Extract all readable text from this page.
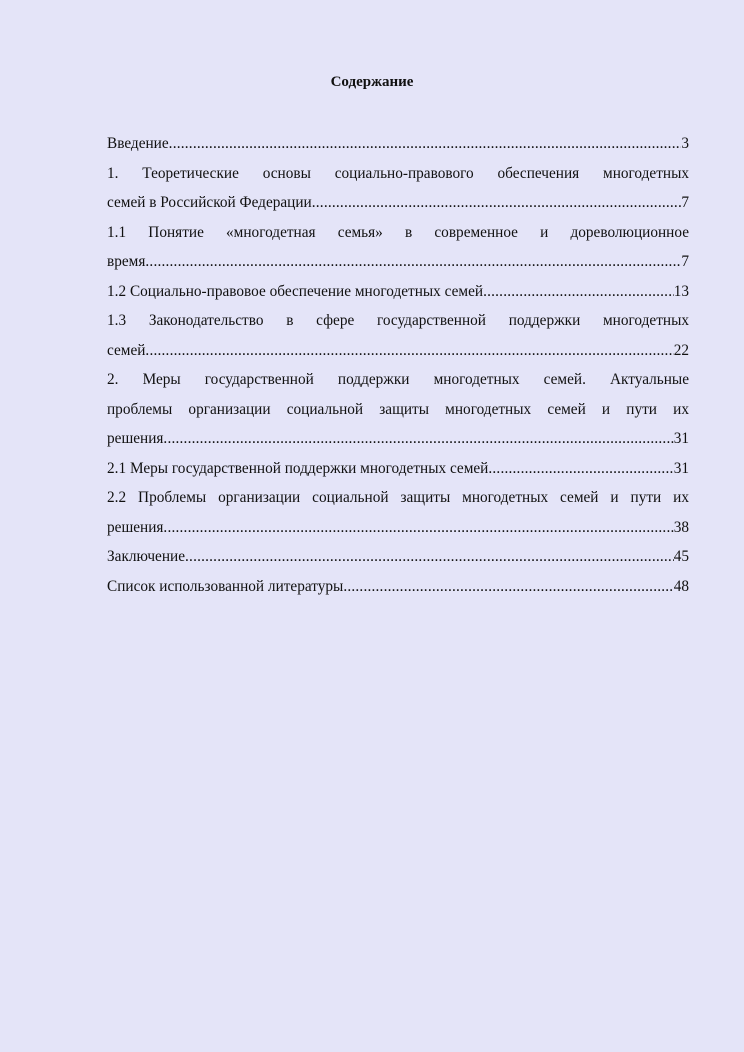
Содержание
Введение .....	3
1. Теоретические основы социально-правового обеспечения многодетных
семей в Российской Федерации .....	7
1.1 Понятие «многодетная семья» в современное и дореволюционное
время .....	7
1.2 Социально-правовое обеспечение многодетных семей .....	13
1.3 Законодательство в сфере государственной поддержки многодетных
семей .....	22
2. Меры государственной поддержки многодетных семей. Актуальные
проблемы организации социальной защиты многодетных семей и пути их
решения .....	31
2.1 Меры государственной поддержки многодетных семей .....	31
2.2 Проблемы организации социальной защиты многодетных семей и пути их
решения .....	38
Заключение .....	45
Список использованной литературы .....	48
